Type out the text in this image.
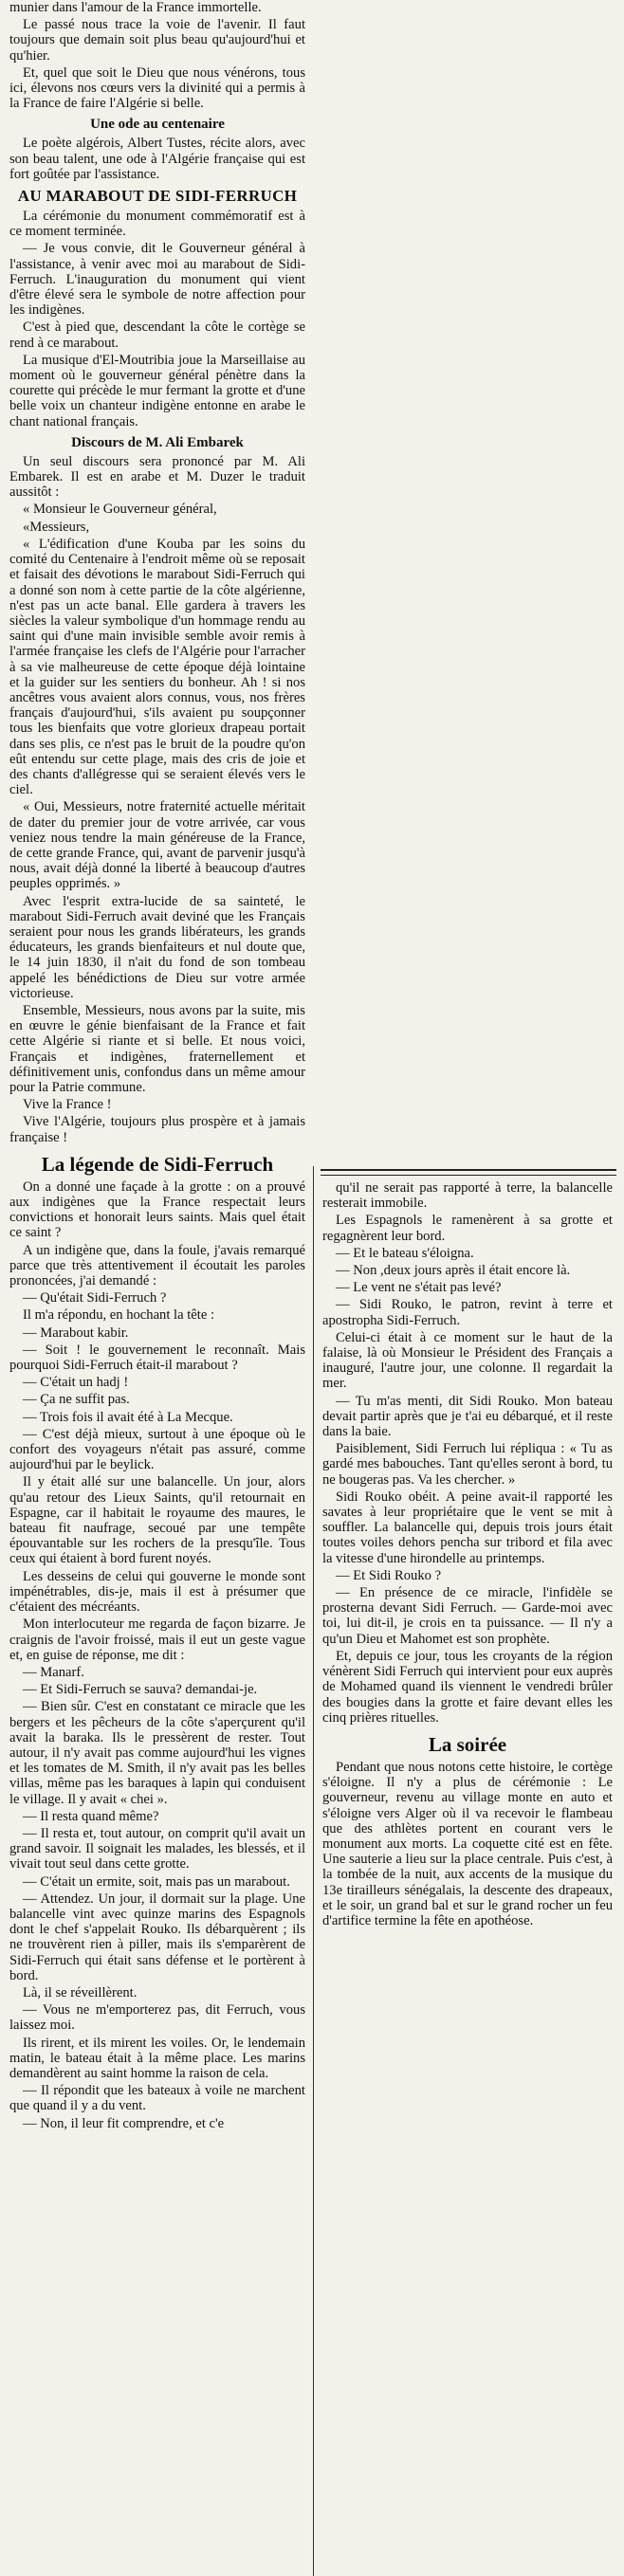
munier dans l'amour de la France immortelle.

Le passé nous trace la voie de l'avenir. Il faut toujours que demain soit plus beau qu'aujourd'hui et qu'hier.

Et, quel que soit le Dieu que nous vénérons, tous ici, élevons nos cœurs vers la divinité qui a permis à la France de faire l'Algérie si belle.

Une ode au centenaire

Le poète algérois, Albert Tustes, récite alors, avec son beau talent, une ode à l'Algérie française qui est fort goûtée par l'assistance.

AU MARABOUT DE SIDI-FERRUCH

La cérémonie du monument commémoratif est à ce moment terminée.

— Je vous convie, dit le Gouverneur général à l'assistance, à venir avec moi au marabout de Sidi-Ferruch. L'inauguration du monument qui vient d'être élevé sera le symbole de notre affection pour les indigènes.

C'est à pied que, descendant la côte le cortège se rend à ce marabout.

La musique d'El-Moutribia joue la Marseillaise au moment où le gouverneur général pénètre dans la courette qui précède le mur fermant la grotte et d'une belle voix un chanteur indigène entonne en arabe le chant national français.

Discours de M. Ali Embarek

Un seul discours sera prononcé par M. Ali Embarek. Il est en arabe et M. Duzer le traduit aussitôt :

« Monsieur le Gouverneur général,

«Messieurs,

« L'édification d'une Kouba par les soins du comité du Centenaire à l'endroit même où se reposait et faisait des dévotions le marabout Sidi-Ferruch qui a donné son nom à cette partie de la côte algérienne, n'est pas un acte banal. Elle gardera à travers les siècles la valeur symbolique d'un hommage rendu au saint qui d'une main invisible semble avoir remis à l'armée française les clefs de l'Algérie pour l'arracher à sa vie malheureuse de cette époque déjà lointaine et la guider sur les sentiers du bonheur. Ah ! si nos ancêtres vous avaient alors connus, vous, nos frères français d'aujourd'hui, s'ils avaient pu soupçonner tous les bienfaits que votre glorieux drapeau portait dans ses plis, ce n'est pas le bruit de la poudre qu'on eût entendu sur cette plage, mais des cris de joie et des chants d'allégresse qui se seraient élevés vers le ciel.

« Oui, Messieurs, notre fraternité actuelle méritait de dater du premier jour de votre arrivée, car vous veniez nous tendre la main généreuse de la France, de cette grande France, qui, avant de parvenir jusqu'à nous, avait déjà donné la liberté à beaucoup d'autres peuples opprimés. »

Avec l'esprit extra-lucide de sa sainteté, le marabout Sidi-Ferruch avait deviné que les Français seraient pour nous les grands libérateurs, les grands éducateurs, les grands bienfaiteurs et nul doute que, le 14 juin 1830, il n'ait du fond de son tombeau appelé les bénédictions de Dieu sur votre armée victorieuse.

Ensemble, Messieurs, nous avons par la suite, mis en œuvre le génie bienfaisant de la France et fait cette Algérie si riante et si belle. Et nous voici, Français et indigènes, fraternellement et définitivement unis, confondus dans un même amour pour la Patrie commune.

Vive la France !

Vive l'Algérie, toujours plus prospère et à jamais française !

La légende de Sidi-Ferruch

On a donné une façade à la grotte : on a prouvé aux indigènes que la France respectait leurs convictions et honorait leurs saints. Mais quel était ce saint ?

A un indigène que, dans la foule, j'avais remarqué parce que très attentivement il écoutait les paroles prononcées, j'ai demandé :

— Qu'était Sidi-Ferruch ?

Il m'a répondu, en hochant la tête :

— Marabout kabir.

— Soit ! le gouvernement le reconnaît. Mais pourquoi Sidi-Ferruch était-il marabout ?

— C'était un hadj !

— Ça ne suffit pas.

— Trois fois il avait été à La Mecque.

— C'est déjà mieux, surtout à une époque où le confort des voyageurs n'était pas assuré, comme aujourd'hui par le beylick.

Il y était allé sur une balancelle. Un jour, alors qu'au retour des Lieux Saints, qu'il retournait en Espagne, car il habitait le royaume des maures, le bateau fit naufrage, secoué par une tempête épouvantable sur les rochers de la presqu'île. Tous ceux qui étaient à bord furent noyés.

Les desseins de celui qui gouverne le monde sont impénétrables, dis-je, mais il est à présumer que c'étaient des mécréants.

Mon interlocuteur me regarda de façon bizarre. Je craignis de l'avoir froissé, mais il eut un geste vague et, en guise de réponse, me dit :

— Manarf.

— Et Sidi-Ferruch se sauva? demandai-je.

— Bien sûr. C'est en constatant ce miracle que les bergers et les pêcheurs de la côte s'aperçurent qu'il avait la baraka. Ils le pressèrent de rester. Tout autour, il n'y avait pas comme aujourd'hui les vignes et les tomates de M. Smith, il n'y avait pas les belles villas, même pas les baraques à lapin qui conduisent le village. Il y avait « chei ».

— Il resta quand même?

— Il resta et, tout autour, on comprit qu'il avait un grand savoir. Il soignait les malades, les blessés, et il vivait tout seul dans cette grotte.

— C'était un ermite, soit, mais pas un marabout.

— Attendez. Un jour, il dormait sur la plage. Une balancelle vint avec quinze marins des Espagnols dont le chef s'appelait Rouko. Ils débarquèrent ; ils ne trouvèrent rien à piller, mais ils s'emparèrent de Sidi-Ferruch qui était sans défense et le portèrent à bord.

Là, il se réveillèrent.

— Vous ne m'emporterez pas, dit Ferruch, vous laissez moi.

Ils rirent, et ils mirent les voiles. Or, le lendemain matin, le bateau était à la même place. Les marins demandèrent au saint homme la raison de cela.

— Il répondit que les bateaux à voile ne marchent que quand il y a du vent.

— Non, il leur fit comprendre, et c'e

qu'il ne serait pas rapporté à terre, la balancelle resterait immobile.

Les Espagnols le ramenèrent à sa grotte et regagnèrent leur bord.

— Et le bateau s'éloigna.

— Non ,deux jours après il était encore là.

— Le vent ne s'était pas levé?

— Sidi Rouko, le patron, revint à terre et apostropha Sidi-Ferruch.

Celui-ci était à ce moment sur le haut de la falaise, là où Monsieur le Président des Français a inauguré, l'autre jour, une colonne. Il regardait la mer.

— Tu m'as menti, dit Sidi Rouko. Mon bateau devait partir après que je t'ai eu débarqué, et il reste dans la baie.

Paisiblement, Sidi Ferruch lui répliqua : « Tu as gardé mes babouches. Tant qu'elles seront à bord, tu ne bougeras pas. Va les chercher. »

Sidi Rouko obéit. A peine avait-il rapporté les savates à leur propriétaire que le vent se mit à souffler. La balancelle qui, depuis trois jours était toutes voiles dehors pencha sur tribord et fila avec la vitesse d'une hirondelle au printemps.

— Et Sidi Rouko ?

— En présence de ce miracle, l'infidèle se prosterna devant Sidi Ferruch. — Garde-moi avec toi, lui dit-il, je crois en ta puissance. — Il n'y a qu'un Dieu et Mahomet est son prophète.

Et, depuis ce jour, tous les croyants de la région vénèrent Sidi Ferruch qui intervient pour eux auprès de Mohamed quand ils viennent le vendredi brûler des bougies dans la grotte et faire devant elles les cinq prières rituelles.

La soirée

Pendant que nous notons cette histoire, le cortège s'éloigne. Il n'y a plus de cérémonie : Le gouverneur, revenu au village monte en auto et s'éloigne vers Alger où il va recevoir le flambeau que des athlètes portent en courant vers le monument aux morts. La coquette cité est en fête. Une sauterie a lieu sur la place centrale. Puis c'est, à la tombée de la nuit, aux accents de la musique du 13e tirailleurs sénégalais, la descente des drapeaux, et le soir, un grand bal et sur le grand rocher un feu d'artifice termine la fête en apothéose.
